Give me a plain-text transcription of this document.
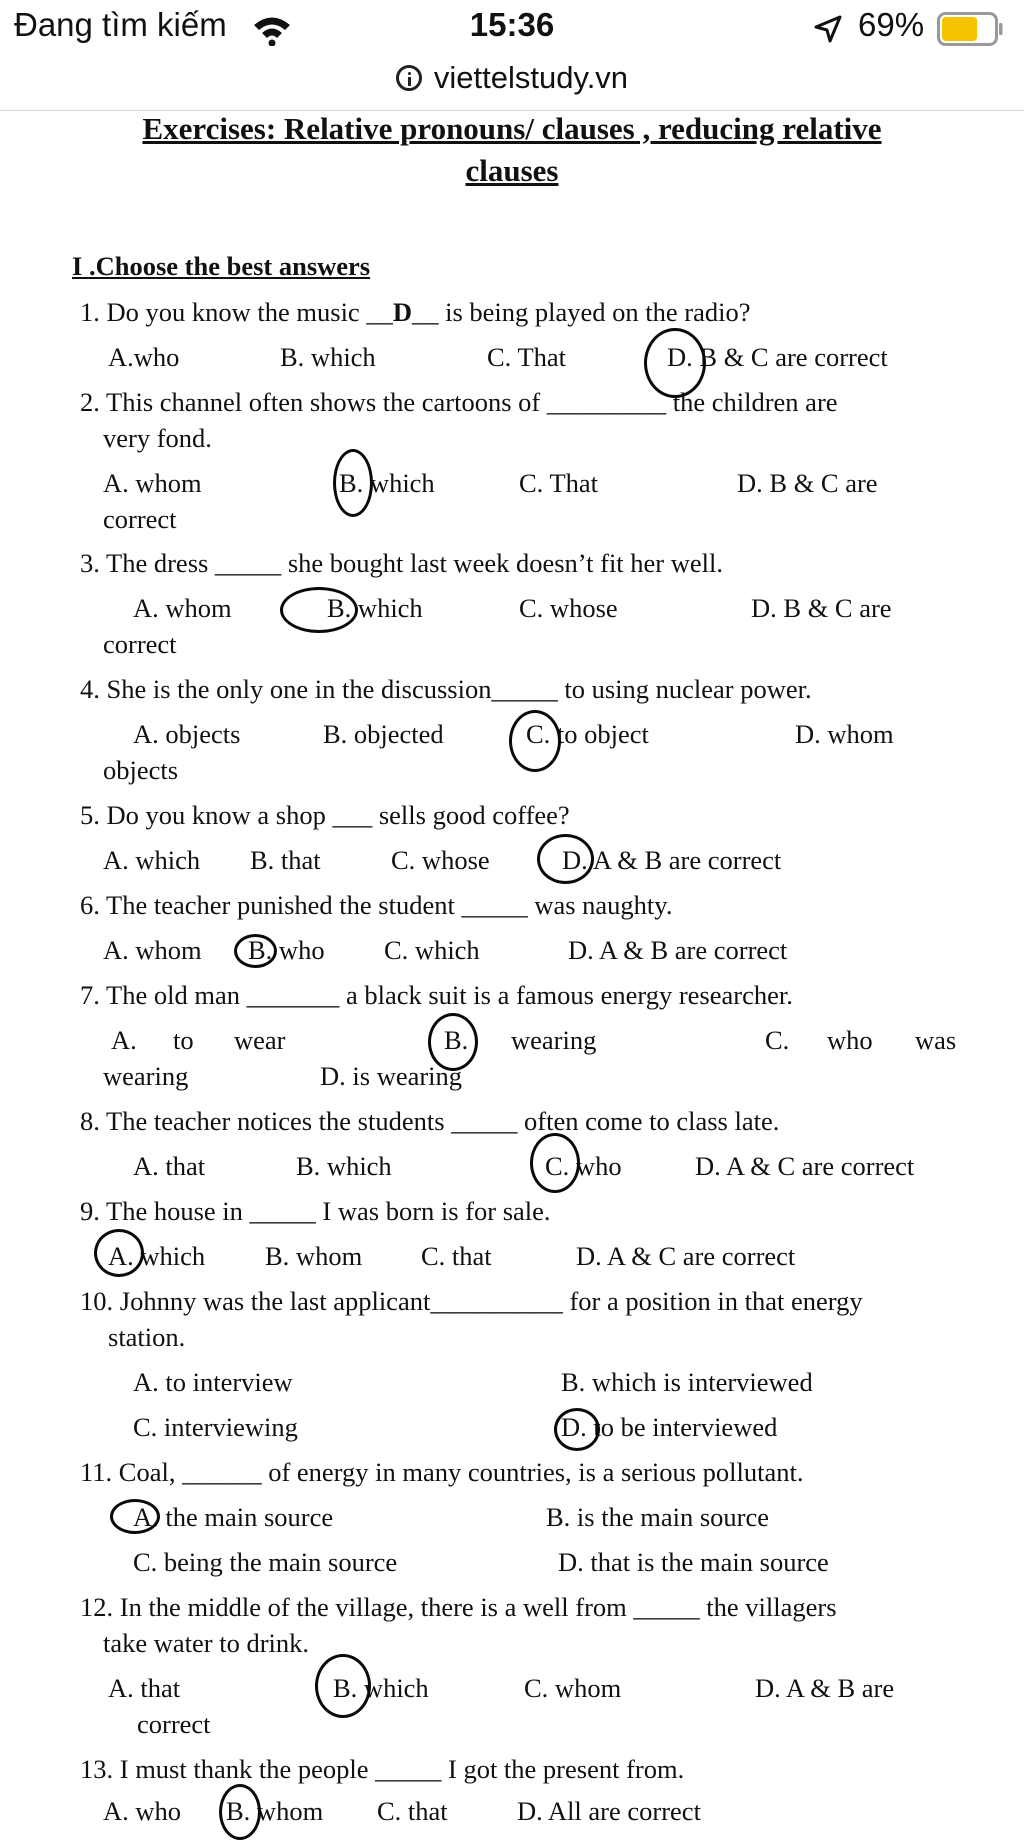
Đang tìm kiếm	15:36	69%
viettelstudy.vn
Exercises: Relative pronouns/ clauses , reducing relative
clauses
I .Choose the best answers
1. Do you know the music __D__ is being played on the radio?
A.who	B. which	C. That	D. B & C are correct
2. This channel often shows the cartoons of _________ the children are
very fond.
A. whom	B. which	C. That	D. B & C are
correct
3. The dress _____ she bought last week doesn’t fit her well.
A. whom	B. which	C. whose	D. B & C are
correct
4. She is the only one in the discussion_____ to using nuclear power.
A. objects	B. objected	C. to object	D. whom
objects
5. Do you know a shop ___ sells good coffee?
A. which B. that	C. whose	D. A & B are correct
6. The teacher punished the student _____ was naughty.
A. whom B. who C. which	D. A & B are correct
7. The old man _______ a black suit is a famous energy researcher.
A. to wear	B. wearing	C. who was
wearing	D. is wearing
8. The teacher notices the students _____ often come to class late.
A. that	B. which	C. who	D. A & C are correct
9. The house in _____ I was born is for sale.
A. which B. whom C. that	D. A & C are correct
10. Johnny was the last applicant__________ for a position in that energy
station.
A. to interview	B. which is interviewed
C. interviewing	D. to be interviewed
11. Coal, ______ of energy in many countries, is a serious pollutant.
A. the main source	B. is the main source
C. being the main source	D. that is the main source
12. In the middle of the village, there is a well from _____ the villagers
take water to drink.
A. that	B. which	C. whom	D. A & B are
correct
13. I must thank the people _____ I got the present from.
A. who B. whom C. that	D. All are correct
